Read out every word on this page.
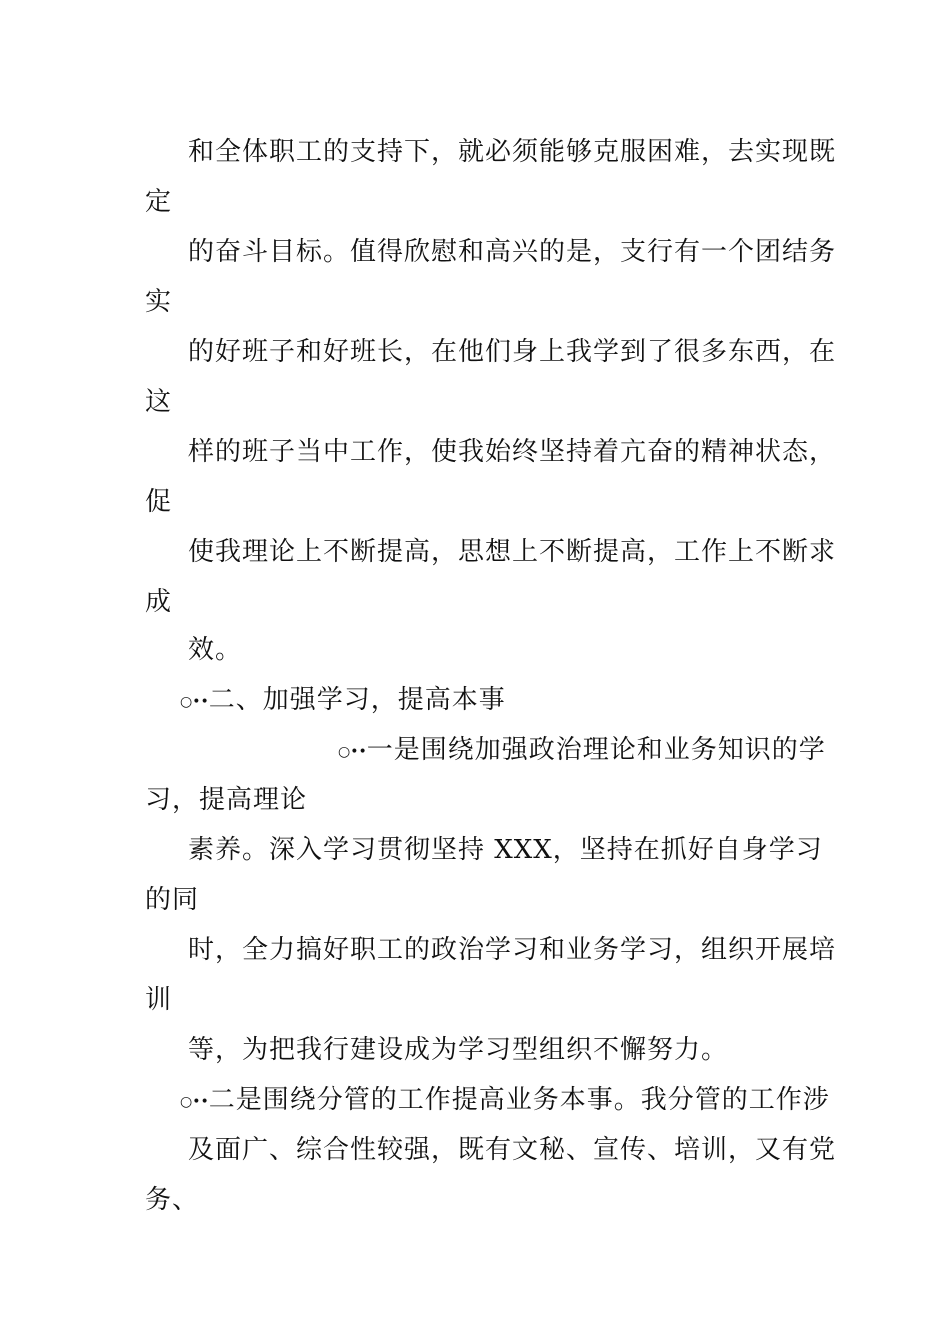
和全体职工的支持下，就必须能够克服困难，去实现既
定
的奋斗目标。值得欣慰和高兴的是，支行有一个团结务
实
的好班子和好班长，在他们身上我学到了很多东西，在
这
样的班子当中工作，使我始终坚持着亢奋的精神状态，
促
使我理论上不断提高，思想上不断提高，工作上不断求
成
效。
○••二、加强学习，提高本事
○••一是围绕加强政治理论和业务知识的学
习，提高理论
素养。深入学习贯彻坚持 XXX，坚持在抓好自身学习
的同
时，全力搞好职工的政治学习和业务学习，组织开展培
训
等，为把我行建设成为学习型组织不懈努力。
○••二是围绕分管的工作提高业务本事。我分管的工作涉
及面广、综合性较强，既有文秘、宣传、培训，又有党
务、
